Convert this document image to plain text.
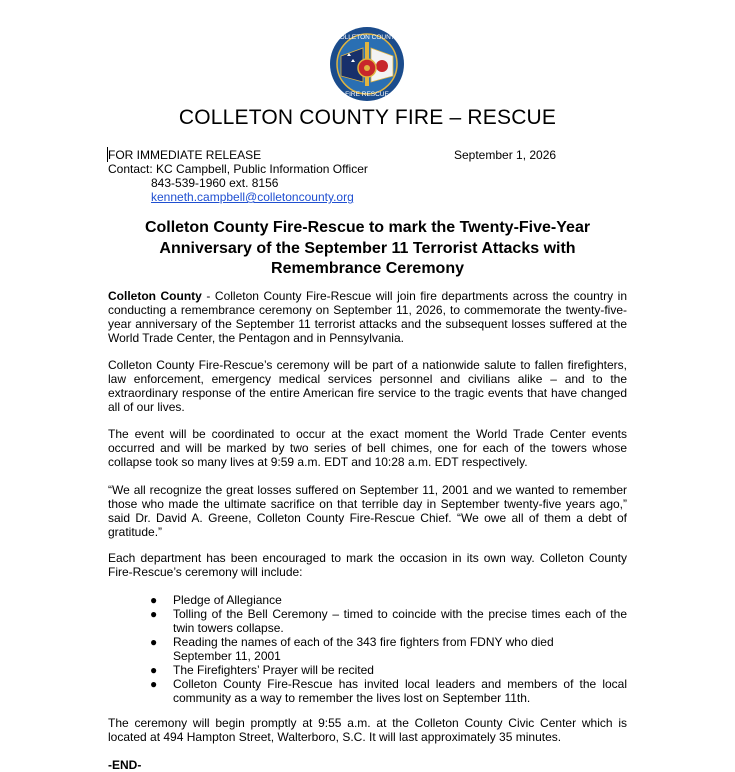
COLLETON COUNTY
FIRE RESCUE
COLLETON COUNTY FIRE – RESCUE
FOR IMMEDIATE RELEASE	September 1, 2026
Contact: KC Campbell, Public Information Officer
843-539-1960 ext. 8156
kenneth.campbell@colletoncounty.org
Colleton County Fire-Rescue to mark the Twenty-Five-Year
Anniversary of the September 11 Terrorist Attacks with
Remembrance Ceremony

Colleton County - Colleton County Fire-Rescue will join fire departments across the country in conducting a remembrance ceremony on September 11, 2026, to commemorate the twenty-five-year anniversary of the September 11 terrorist attacks and the subsequent losses suffered at the World Trade Center, the Pentagon and in Pennsylvania.

Colleton County Fire-Rescue’s ceremony will be part of a nationwide salute to fallen firefighters, law enforcement, emergency medical services personnel and civilians alike – and to the extraordinary response of the entire American fire service to the tragic events that have changed all of our lives.

The event will be coordinated to occur at the exact moment the World Trade Center events occurred and will be marked by two series of bell chimes, one for each of the towers whose collapse took so many lives at 9:59 a.m. EDT and 10:28 a.m. EDT respectively.

“We all recognize the great losses suffered on September 11, 2001 and we wanted to remember those who made the ultimate sacrifice on that terrible day in September twenty-five years ago,” said Dr. David A. Greene, Colleton County Fire-Rescue Chief. “We owe all of them a debt of gratitude.”

Each department has been encouraged to mark the occasion in its own way. Colleton County Fire-Rescue’s ceremony will include:

● Pledge of Allegiance
● Tolling of the Bell Ceremony – timed to coincide with the precise times each of the twin towers collapse.
● Reading the names of each of the 343 fire fighters from FDNY who died
September 11, 2001
● The Firefighters’ Prayer will be recited
● Colleton County Fire-Rescue has invited local leaders and members of the local community as a way to remember the lives lost on September 11th.

The ceremony will begin promptly at 9:55 a.m. at the Colleton County Civic Center which is located at 494 Hampton Street, Walterboro, S.C. It will last approximately 35 minutes.

-END-
